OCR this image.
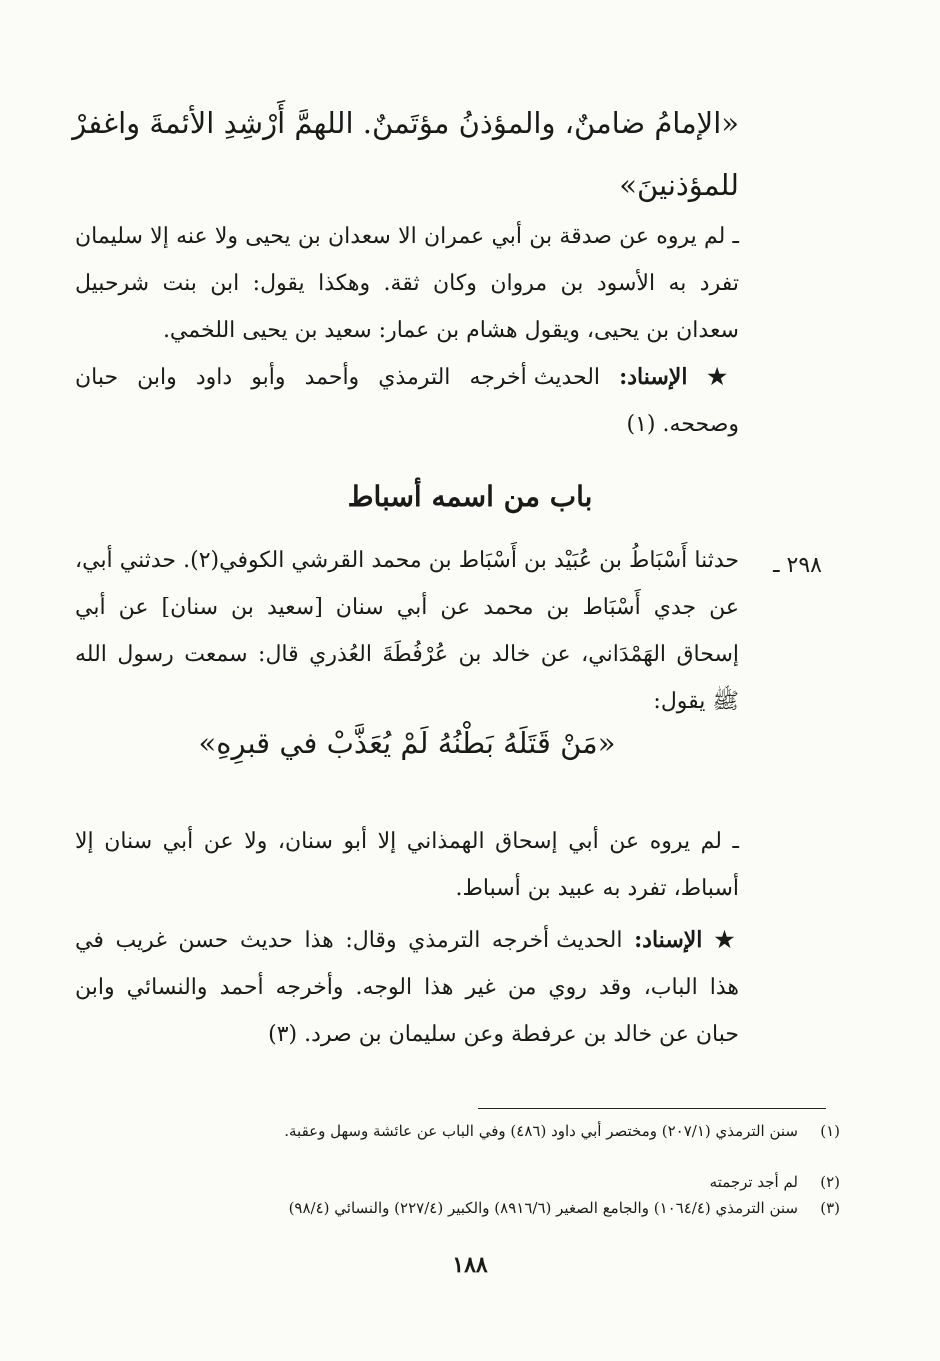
«الإمامُ ضامنٌ، والمؤذنُ مؤتَمنٌ. اللهمَّ أَرْشِدِ الأئمةَ واغفرْ
للمؤذنينَ»
ـ لم يروه عن صدقة بن أبي عمران الا سعدان بن يحيى ولا عنه إلا سليمان
تفرد به الأسود بن مروان وكان ثقة. وهكذا يقول: ابن بنت شرحبيل
سعدان بن يحيى، ويقول هشام بن عمار: سعيد بن يحيى اللخمي.
★ الإسناد: الحديث أخرجه الترمذي وأحمد وأبو داود وابن حبان
وصححه. (١)
باب من اسمه أسباط
٢٩٨ ـ
حدثنا أَسْبَاطُ بن عُبَيْد بن أَسْبَاط بن محمد القرشي الكوفي(٢). حدثني أبي،
عن جدي أَسْبَاط بن محمد عن أبي سنان [سعيد بن سنان] عن أبي
إسحاق الهَمْدَاني، عن خالد بن عُرْفُطَةَ العُذري قال: سمعت رسول الله
ﷺ يقول:
«مَنْ قَتَلَهُ بَطْنُهُ لَمْ يُعَذَّبْ في قبرِهِ»
ـ لم يروه عن أبي إسحاق الهمذاني إلا أبو سنان، ولا عن أبي سنان إلا
أسباط، تفرد به عبيد بن أسباط.
★ الإسناد: الحديث أخرجه الترمذي وقال: هذا حديث حسن غريب في
هذا الباب، وقد روي من غير هذا الوجه. وأخرجه أحمد والنسائي وابن
حبان عن خالد بن عرفطة وعن سليمان بن صرد. (٣)
(١)سنن الترمذي (٢٠٧/١) ومختصر أبي داود (٤٨٦) وفي الباب عن عائشة وسهل وعقبة.
(٢)لم أجد ترجمته
(٣)سنن الترمذي (١٠٦٤/٤) والجامع الصغير (٨٩١٦/٦) والكبير (٢٢٧/٤) والنسائي (٩٨/٤)
١٨٨
